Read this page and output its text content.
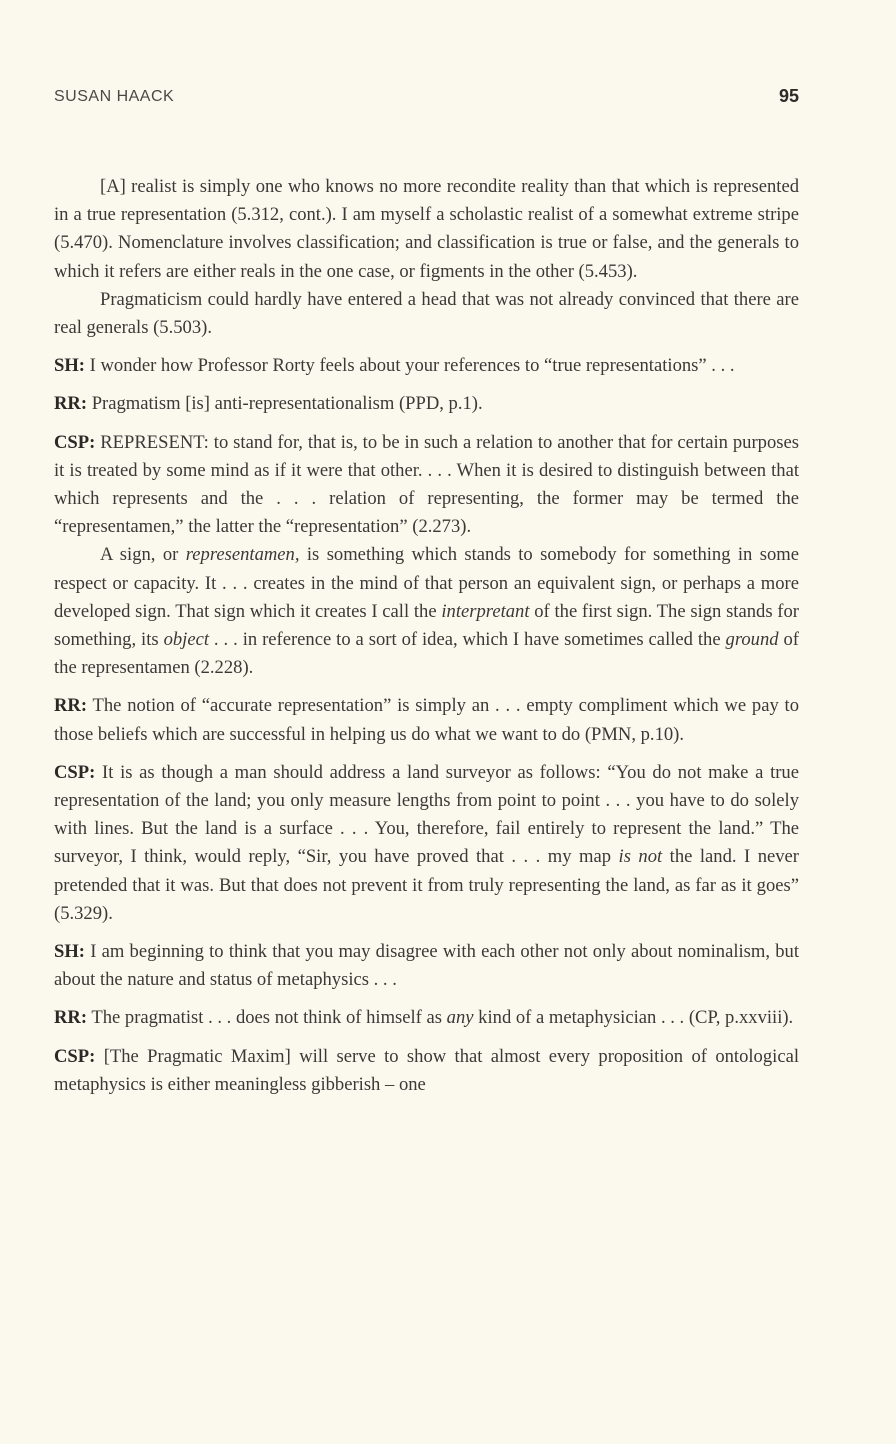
SUSAN HAACK	95

[A] realist is simply one who knows no more recondite reality than that which is represented in a true representation (5.312, cont.). I am myself a scholastic realist of a somewhat extreme stripe (5.470). Nomenclature involves classification; and classification is true or false, and the generals to which it refers are either reals in the one case, or figments in the other (5.453).

Pragmaticism could hardly have entered a head that was not already convinced that there are real generals (5.503).

SH: I wonder how Professor Rorty feels about your references to “true representations” . . .

RR: Pragmatism [is] anti-representationalism (PPD, p.1).

CSP: REPRESENT: to stand for, that is, to be in such a relation to another that for certain purposes it is treated by some mind as if it were that other. . . . When it is desired to distinguish between that which represents and the . . . relation of representing, the former may be termed the “representamen,” the latter the “representation” (2.273).

A sign, or representamen, is something which stands to somebody for something in some respect or capacity. It . . . creates in the mind of that person an equivalent sign, or perhaps a more developed sign. That sign which it creates I call the interpretant of the first sign. The sign stands for something, its object . . . in reference to a sort of idea, which I have sometimes called the ground of the representamen (2.228).

RR: The notion of “accurate representation” is simply an . . . empty compliment which we pay to those beliefs which are successful in helping us do what we want to do (PMN, p.10).

CSP: It is as though a man should address a land surveyor as follows: “You do not make a true representation of the land; you only measure lengths from point to point . . . you have to do solely with lines. But the land is a surface . . . You, therefore, fail entirely to represent the land.” The surveyor, I think, would reply, “Sir, you have proved that . . . my map is not the land. I never pretended that it was. But that does not prevent it from truly representing the land, as far as it goes” (5.329).

SH: I am beginning to think that you may disagree with each other not only about nominalism, but about the nature and status of metaphysics . . .

RR: The pragmatist . . . does not think of himself as any kind of a metaphysician . . . (CP, p.xxviii).

CSP: [The Pragmatic Maxim] will serve to show that almost every proposition of ontological metaphysics is either meaningless gibberish – one
